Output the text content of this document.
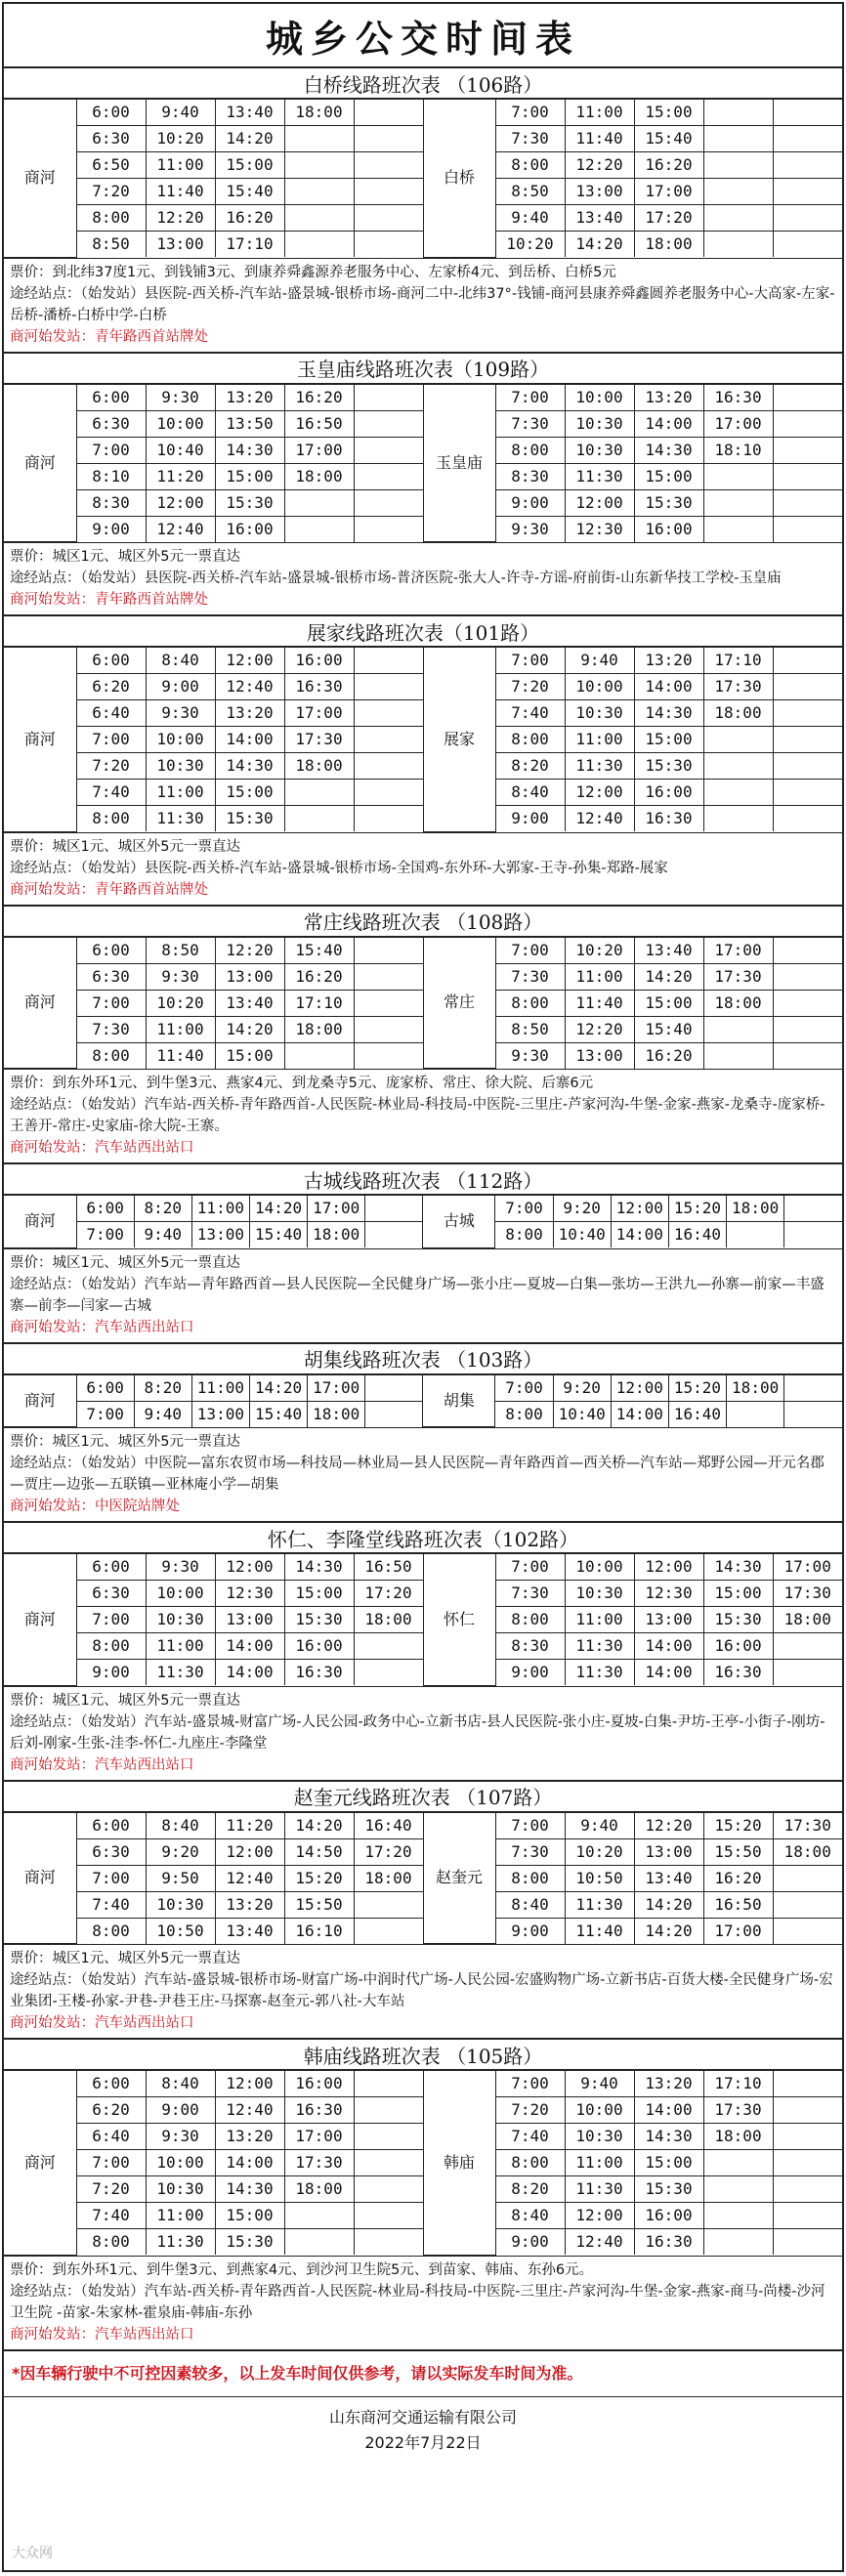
城乡公交时间表
白桥线路班次表 （106路）
商河	6:00	9:40	13:40	18:00		白桥	7:00	11:00	15:00		
	6:30	10:20	14:20				7:30	11:40	15:40		
	6:50	11:00	15:00				8:00	12:20	16:20		
	7:20	11:40	15:40				8:50	13:00	17:00		
	8:00	12:20	16:20				9:40	13:40	17:20		
	8:50	13:00	17:10				10:20	14:20	18:00		

票价：到北纬37度1元、到钱铺3元、到康养舜鑫源养老服务中心、左家桥4元、到岳桥、白桥5元

途经站点：（始发站）县医院-西关桥-汽车站-盛景城-银桥市场-商河二中-北纬37°-钱铺-商河县康养舜鑫圆养老服务中心-大高家-左家-岳桥-潘桥-白桥中学-白桥

商河始发站：青年路西首站牌处

玉皇庙线路班次表（109路）
商河	6:00	9:30	13:20	16:20		玉皇庙	7:00	10:00	13:20	16:30	
	6:30	10:00	13:50	16:50			7:30	10:30	14:00	17:00	
	7:00	10:40	14:30	17:00			8:00	10:30	14:30	18:10	
	8:10	11:20	15:00	18:00			8:30	11:30	15:00		
	8:30	12:00	15:30				9:00	12:00	15:30		
	9:00	12:40	16:00				9:30	12:30	16:00		

票价：城区1元、城区外5元一票直达

途经站点：（始发站）县医院-西关桥-汽车站-盛景城-银桥市场-普济医院-张大人-许寺-方谣-府前街-山东新华技工学校-玉皇庙

商河始发站：青年路西首站牌处

展家线路班次表（101路）
商河	6:00	8:40	12:00	16:00		展家	7:00	9:40	13:20	17:10	
	6:20	9:00	12:40	16:30			7:20	10:00	14:00	17:30	
	6:40	9:30	13:20	17:00			7:40	10:30	14:30	18:00	
	7:00	10:00	14:00	17:30			8:00	11:00	15:00		
	7:20	10:30	14:30	18:00			8:20	11:30	15:30		
	7:40	11:00	15:00				8:40	12:00	16:00		
	8:00	11:30	15:30				9:00	12:40	16:30		

票价：城区1元、城区外5元一票直达

途经站点：（始发站）县医院-西关桥-汽车站-盛景城-银桥市场-全国鸡-东外环-大郭家-王寺-孙集-郑路-展家

商河始发站：青年路西首站牌处

常庄线路班次表 （108路）
商河	6:00	8:50	12:20	15:40		常庄	7:00	10:20	13:40	17:00	
	6:30	9:30	13:00	16:20			7:30	11:00	14:20	17:30	
	7:00	10:20	13:40	17:10			8:00	11:40	15:00	18:00	
	7:30	11:00	14:20	18:00			8:50	12:20	15:40		
	8:00	11:40	15:00				9:30	13:00	16:20		

票价：到东外环1元、到牛堡3元、燕家4元、到龙桑寺5元、庞家桥、常庄、徐大院、后寨6元

途经站点：（始发站）汽车站-西关桥-青年路西首-人民医院-林业局-科技局-中医院-三里庄-芦家河沟-牛堡-金家-燕家-龙桑寺-庞家桥-王善开-常庄-史家庙-徐大院-王寨。

商河始发站：汽车站西出站口

古城线路班次表 （112路）
商河	6:00	8:20	11:00	14:20	17:00		古城	7:00	9:20	12:00	15:20	18:00	
	7:00	9:40	13:00	15:40	18:00			8:00	10:40	14:00	16:40		

票价：城区1元、城区外5元一票直达

途经站点：（始发站）汽车站—青年路西首—县人民医院—全民健身广场—张小庄—夏坡—白集—张坊—王洪九—孙寨—前家—丰盛寨—前李—闫家—古城

商河始发站：汽车站西出站口

胡集线路班次表 （103路）
商河	6:00	8:20	11:00	14:20	17:00		胡集	7:00	9:20	12:00	15:20	18:00	
	7:00	9:40	13:00	15:40	18:00			8:00	10:40	14:00	16:40		

票价：城区1元、城区外5元一票直达

途经站点：（始发站）中医院—富东农贸市场—科技局—林业局—县人民医院—青年路西首—西关桥—汽车站—郑野公园—开元名郡—贾庄—边张—五联镇—亚林庵小学—胡集

商河始发站：中医院站牌处

怀仁、李隆堂线路班次表（102路）
商河	6:00	9:30	12:00	14:30	16:50	怀仁	7:00	10:00	12:00	14:30	17:00
	6:30	10:00	12:30	15:00	17:20		7:30	10:30	12:30	15:00	17:30
	7:00	10:30	13:00	15:30	18:00		8:00	11:00	13:00	15:30	18:00
	8:00	11:00	14:00	16:00			8:30	11:30	14:00	16:00	
	9:00	11:30	14:00	16:30			9:00	11:30	14:00	16:30	

票价：城区1元、城区外5元一票直达

途经站点：（始发站）汽车站-盛景城-财富广场-人民公园-政务中心-立新书店-县人民医院-张小庄-夏坡-白集-尹坊-王亭-小街子-刚坊-后刘-刚家-生张-洼李-怀仁-九座庄-李隆堂

商河始发站：汽车站西出站口

赵奎元线路班次表 （107路）
商河	6:00	8:40	11:20	14:20	16:40	赵奎元	7:00	9:40	12:20	15:20	17:30
	6:30	9:20	12:00	14:50	17:20		7:30	10:20	13:00	15:50	18:00
	7:00	9:50	12:40	15:20	18:00		8:00	10:50	13:40	16:20	
	7:40	10:30	13:20	15:50			8:40	11:30	14:20	16:50	
	8:00	10:50	13:40	16:10			9:00	11:40	14:20	17:00	

票价：城区1元、城区外5元一票直达

途经站点：（始发站）汽车站-盛景城-银桥市场-财富广场-中润时代广场-人民公园-宏盛购物广场-立新书店-百货大楼-全民健身广场-宏业集团-王楼-孙家-尹巷-尹巷王庄-马探寨-赵奎元-郭八社-大车站

商河始发站：汽车站西出站口

韩庙线路班次表 （105路）
商河	6:00	8:40	12:00	16:00		韩庙	7:00	9:40	13:20	17:10	
	6:20	9:00	12:40	16:30			7:20	10:00	14:00	17:30	
	6:40	9:30	13:20	17:00			7:40	10:30	14:30	18:00	
	7:00	10:00	14:00	17:30			8:00	11:00	15:00		
	7:20	10:30	14:30	18:00			8:20	11:30	15:30		
	7:40	11:00	15:00				8:40	12:00	16:00		
	8:00	11:30	15:30				9:00	12:40	16:30		

票价：到东外环1元、到牛堡3元、到燕家4元、到沙河卫生院5元、到苗家、韩庙、东孙6元。

途经站点：（始发站）汽车站-西关桥-青年路西首-人民医院-林业局-科技局-中医院-三里庄-芦家河沟-牛堡-金家-燕家-商马-尚楼-沙河卫生院 -苗家-朱家林-霍泉庙-韩庙-东孙

商河始发站：汽车站西出站口

*因车辆行驶中不可控因素较多，以上发车时间仅供参考，请以实际发车时间为准。
山东商河交通运输有限公司
2022年7月22日
大众网
